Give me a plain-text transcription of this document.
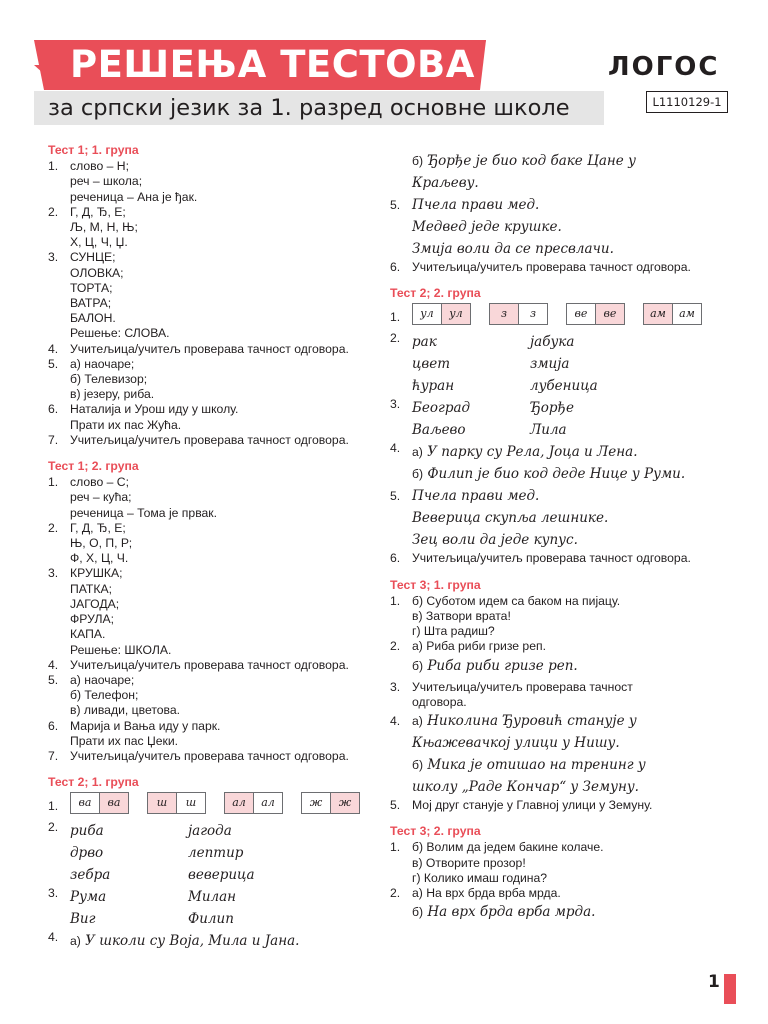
РЕШЕЊА ТЕСТОВА	ЛОГОС
за српски језик за 1. разред основне школе	L1110129-1
Тест 1; 1. група
1. слово – Н;
реч – школа;
реченица – Ана је ђак.
2. Г, Д, Ђ, Е;
Љ, М, Н, Њ;
Х, Ц, Ч, Џ.
3. СУНЦЕ;
ОЛОВКА;
ТОРТА;
ВАТРА;
БАЛОН.
Решење: СЛОВА.
4. Учитељица/учитељ проверава тачност одговора.
5. а) наочаре;
б) Телевизор;
в) језеру, риба.
6. Наталија и Урош иду у школу.
Прати их пас Жућа.
7. Учитељица/учитељ проверава тачност одговора.
Тест 1; 2. група
1. слово – С;
реч – кућа;
реченица – Тома је првак.
2. Г, Д, Ђ, Е;
Њ, О, П, Р;
Ф, Х, Ц, Ч.
3. КРУШКА;
ПАТКА;
ЈАГОДА;
ФРУЛА;
КАПА.
Решење: ШКОЛА.
4. Учитељица/учитељ проверава тачност одговора.
5. а) наочаре;
б) Телефон;
в) ливади, цветова.
6. Марија и Вања иду у парк.
Прати их пас Џеки.
7. Учитељица/учитељ проверава тачност одговора.
Тест 2; 1. група
1.	ва	ва	ш	ш	ал	ал	ж	ж
2. риба	јагода
дрво	лептир
зебра	веверица
3. Рума	Милан
Виг	Филип
4. а) У школи су Воја, Мила и Јана.
б) Ђорђе је био код баке Цане у
Краљеву.
5. Пчела прави мед.
Медвед једе крушке.
Змија воли да се пресвлачи.
6. Учитељица/учитељ проверава тачност одговора.
Тест 2; 2. група
1.	ул	ул	з	з	ве	ве	ам	ам
2. рак	јабука
цвет	змија
ћуран	лубеница
3. Београд	Ђорђе
Ваљево	Лила
4. а) У парку су Рела, Јоца и Лена.
б) Филип је био код деде Нице у Руми.
5. Пчела прави мед.
Веверица скупља лешнике.
Зец воли да једе купус.
6. Учитељица/учитељ проверава тачност одговора.
Тест 3; 1. група
1. б) Суботом идем са баком на пијацу.
в) Затвори врата!
г) Шта радиш?
2. а) Риба риби гризе реп.
б) Риба риби гризе реп.
3. Учитељица/учитељ проверава тачност
одговора.
4. а) Николина Ђуровић станује у
Књажевачкој улици у Нишу.
б) Мика је отишао на тренинг у
школу „Раде Кончар“ у Земуну.
5. Мој друг станује у Главној улици у Земуну.
Тест 3; 2. група
1. б) Волим да једем бакине колаче.
в) Отворите прозор!
г) Колико имаш година?
2. а) На врх брда врба мрда.
б) На врх брда врба мрда.
1
